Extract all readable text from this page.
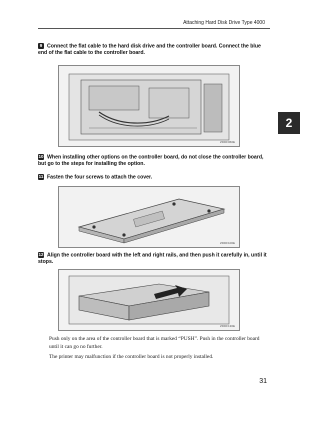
Attaching Hard Disk Drive Type 4000
2
9 Connect the flat cable to the hard disk drive and the controller board. Connect the blue end of the flat cable to the controller board.
ZDDF060E
10 When installing other options on the controller board, do not close the controller board, but go to the steps for installing the option.
11 Fasten the four screws to attach the cover.
ZDDF100E
12 Align the controller board with the left and right rails, and then push it carefully in, until it stops.
ZDDF130E
Push only on the area of the controller board that is marked “PUSH”. Push in the controller board until it can go no further.
The printer may malfunction if the controller board is not properly installed.
31
